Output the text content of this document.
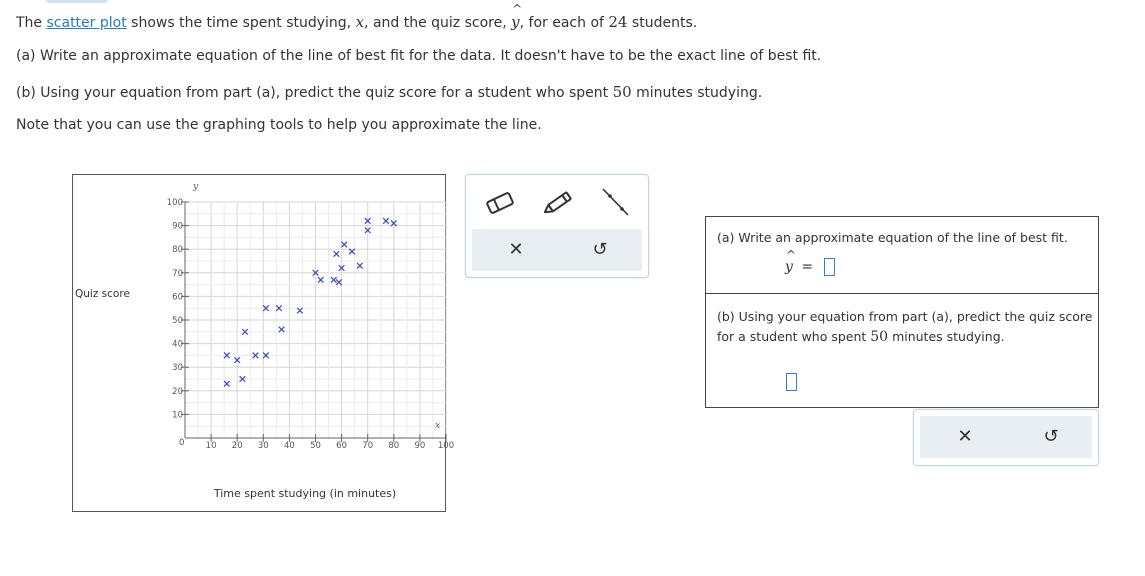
The scatter plot shows the time spent studying, x, and the quiz score, ^ y, for each of 24 students.
(a) Write an approximate equation of the line of best fit for the data. It doesn't have to be the exact line of best fit.
(b) Using your equation from part (a), predict the quiz score for a student who spent 50 minutes studying.
Note that you can use the graphing tools to help you approximate the line.
10 20 30 40 50 60 70 80 90 100
10
20
30
40
50
60
70
80
90
100
Quiz score
Time spent studying (in minutes)
y
x
0
✕	↺
(a) Write an approximate equation of the line of best fit.
^ y =
(b) Using your equation from part (a), predict the quiz score
for a student who spent 50 minutes studying.
✕	↺
